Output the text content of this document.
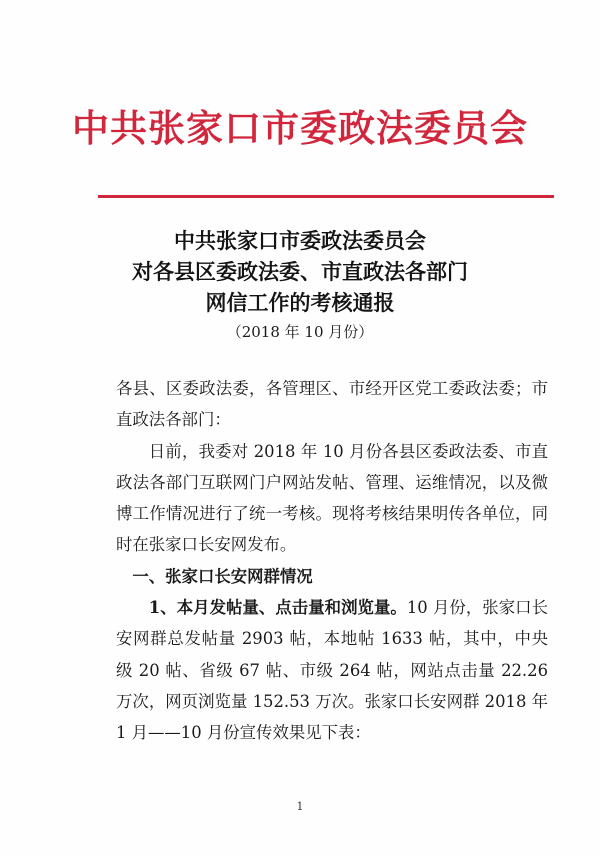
中共张家口市委政法委员会
中共张家口市委政法委员会
对各县区委政法委、市直政法各部门
网信工作的考核通报
（2018 年 10 月份）

各县、区委政法委，各管理区、市经开区党工委政法委；市直政法各部门：

日前，我委对 2018 年 10 月份各县区委政法委、市直政法各部门互联网门户网站发帖、管理、运维情况，以及微博工作情况进行了统一考核。现将考核结果明传各单位，同时在张家口长安网发布。

一、张家口长安网群情况

1、本月发帖量、点击量和浏览量。10 月份，张家口长安网群总发帖量 2903 帖，本地帖 1633 帖，其中，中央级 20 帖、省级 67 帖、市级 264 帖，网站点击量 22.26 万次，网页浏览量 152.53 万次。张家口长安网群 2018 年 1 月——10 月份宣传效果见下表：

1
